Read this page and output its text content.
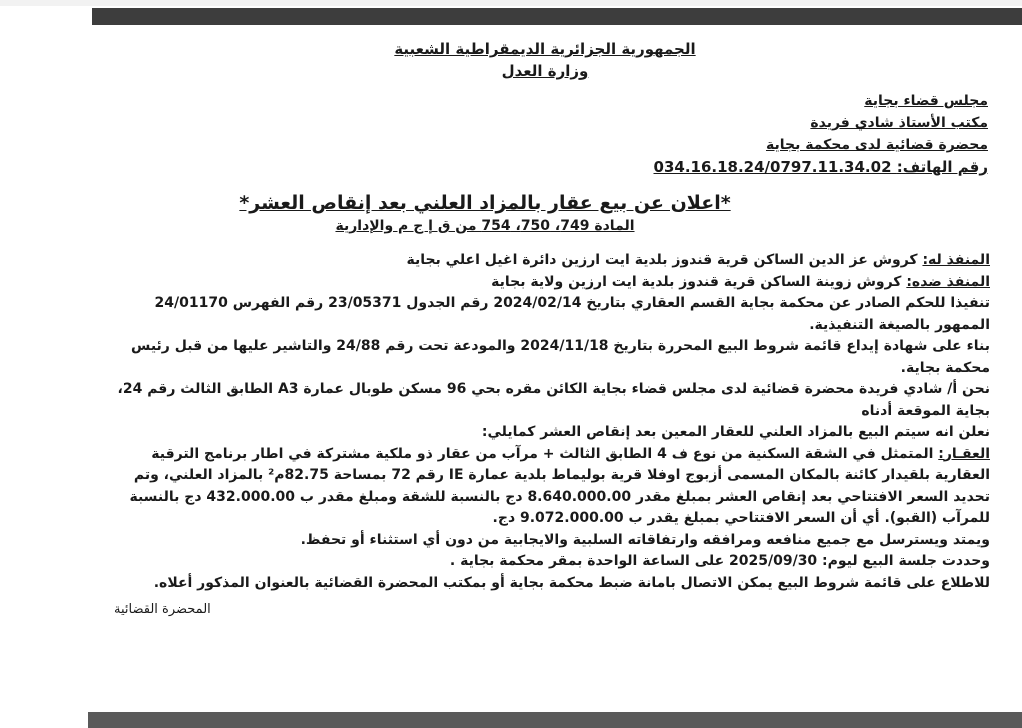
الجمهورية الجزائرية الديمقراطية الشعبية
وزارة العدل
مجلس قضاء بجاية
مكتب الأستاذ شادي فريدة
محضرة قضائية لدى محكمة بجاية
رقم الهاتف: 034.16.18.24/0797.11.34.02
*اعلان عن بيع عقار بالمزاد العلني بعد إنقاص العشر*
المادة 749، 750، 754 من ق إ ج م والإدارية

المنفذ له: كروش عز الدين الساكن قرية قندوز بلدية ايت ارزين دائرة اغيل اعلي بجاية

المنفذ ضده: كروش زوينة الساكن قرية قندوز بلدية ايت ارزين ولاية بجاية

تنفيذا للحكم الصادر عن محكمة بجاية القسم العقاري بتاريخ 2024/02/14 رقم الجدول 23/05371 رقم الفهرس 24/01170 الممهور بالصيغة التنفيذية.

بناء على شهادة إيداع قائمة شروط البيع المحررة بتاريخ 2024/11/18 والمودعة تحت رقم 24/88 والتاشير عليها من قبل رئيس محكمة بجاية.

نحن أ/ شادي فريدة محضرة قضائية لدى مجلس قضاء بجاية الكائن مقره بحي 96 مسكن طوبال عمارة A3 الطابق الثالث رقم 24، بجاية الموقعة أدناه

نعلن انه سيتم البيع بالمزاد العلني للعقار المعين بعد إنقاص العشر كمايلي:

العقـار: المتمثل في الشقة السكنية من نوع ف 4 الطابق الثالث + مرآب من عقار ذو ملكية مشتركة في اطار برنامج الترقية العقارية بلقيدار كائنة بالمكان المسمى أزبوج اوفلا قرية بوليماط بلدية عمارة IE رقم 72 بمساحة 82.75م² بالمزاد العلني، وتم تحديد السعر الافتتاحي بعد إنقاص العشر بمبلغ مقدر 8.640.000.00 دج بالنسبة للشقة ومبلغ مقدر ب 432.000.00 دج بالنسبة للمرآب (القبو). أي أن السعر الافتتاحي بمبلغ يقدر ب 9.072.000.00 دج.

ويمتد ويسترسل مع جميع منافعه ومرافقه وارتفاقاته السلبية والايجابية من دون أي استثناء أو تحفظ.

وحددت جلسة البيع ليوم: 2025/09/30 على الساعة الواحدة بمقر محكمة بجاية .

للاطلاع على قائمة شروط البيع يمكن الاتصال بامانة ضبط محكمة بجاية أو بمكتب المحضرة القضائية بالعنوان المذكور أعلاه.

المحضرة القضائية
